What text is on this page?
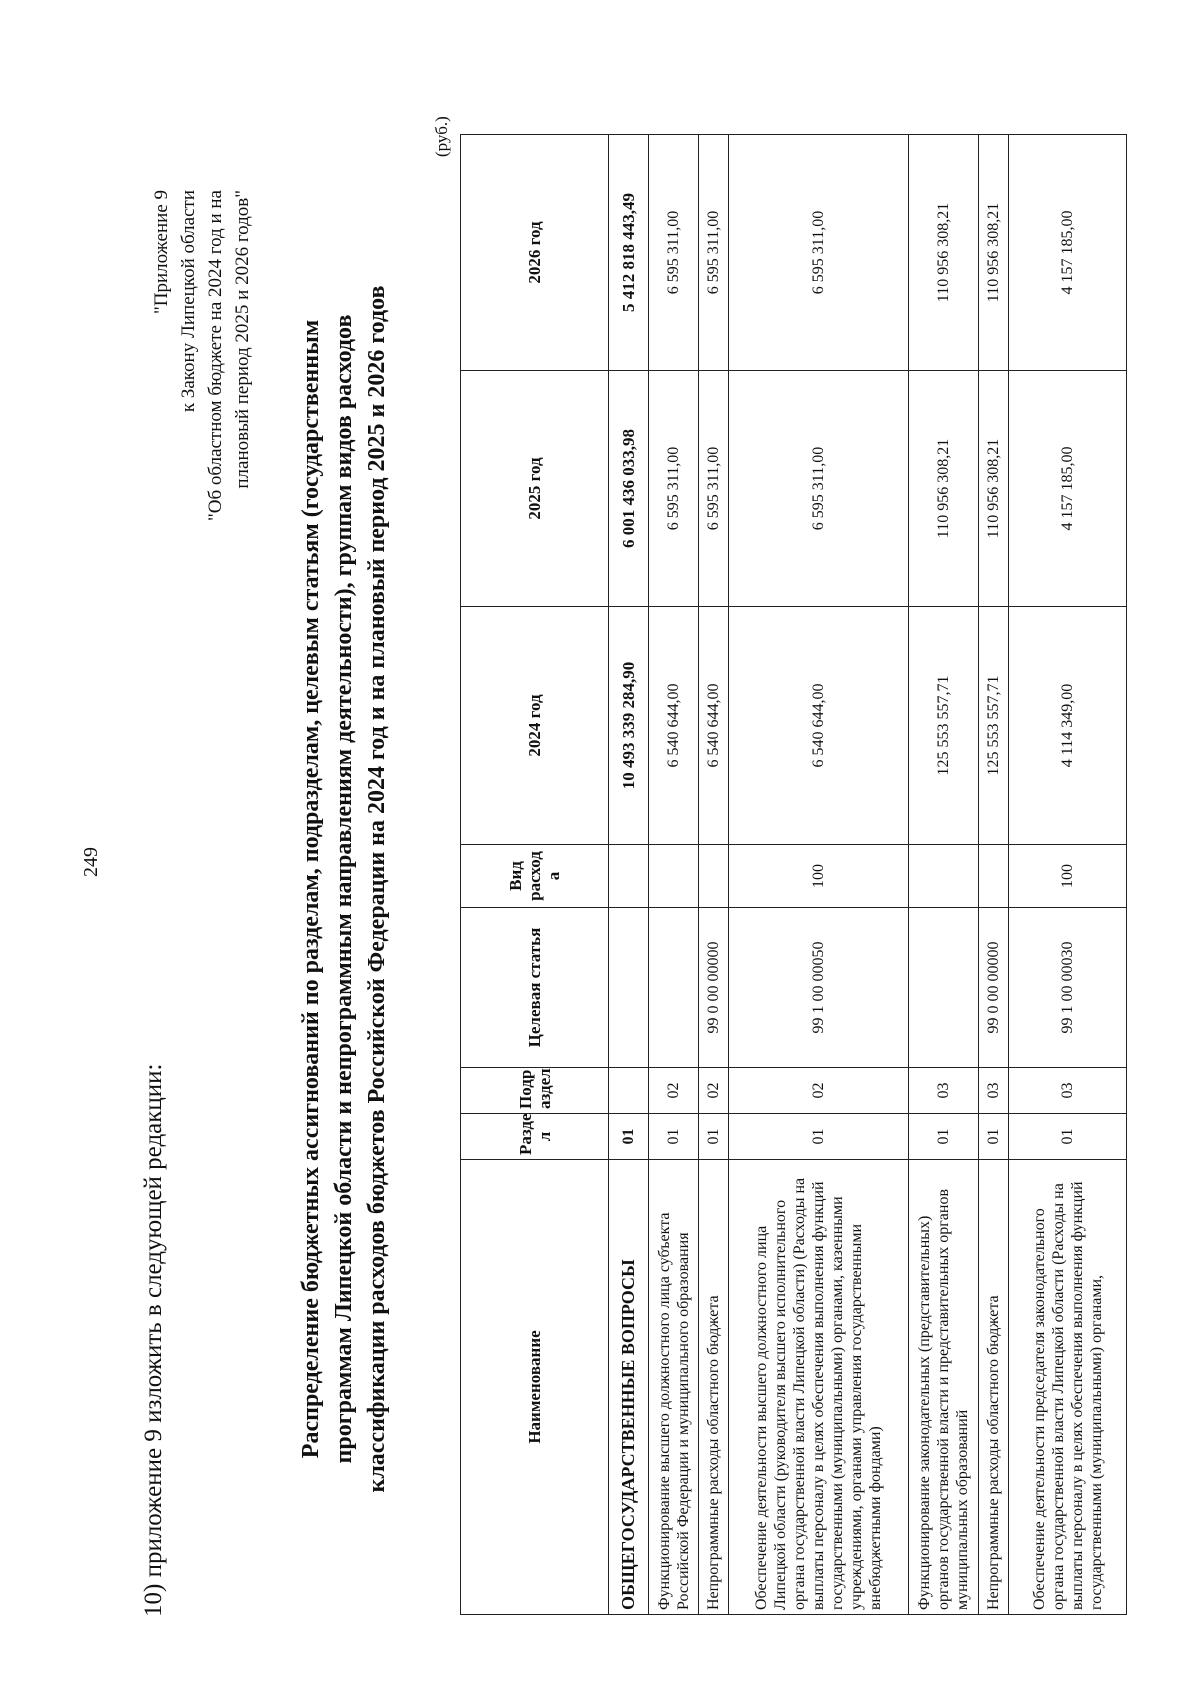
249
10) приложение 9 изложить в следующей редакции:
"Приложение 9 к Закону Липецкой области "Об областном бюджете на 2024 год и на плановый период 2025 и 2026 годов" Распределение бюджетных ассигнований по разделам, подразделам, целевым статьям (государственным программам Липецкой области и непрограммным направлениям деятельности), группам видов расходов классификации расходов бюджетов Российской Федерации на 2024 год и на плановый период 2025 и 2026 годов
(руб.)
Наименование	Разде л	Подр аздел	Целевая статья	Вид расход а	2024 год	2025 год	2026 год
ОБЩЕГОСУДАРСТВЕННЫЕ ВОПРОСЫ	01				10 493 339 284,90	6 001 436 033,98	5 412 818 443,49
Функционирование высшего должностного лица субъекта Российской Федерации и муниципального образования	01	02			6 540 644,00	6 595 311,00	6 595 311,00
Непрограммные расходы областного бюджета	01	02	99 0 00 00000		6 540 644,00	6 595 311,00	6 595 311,00
Обеспечение деятельности высшего должностного лица Липецкой области (руководителя высшего исполнительного органа государственной власти Липецкой области) (Расходы на выплаты персоналу в целях обеспечения выполнения функций государственными (муниципальными) органами, казенными учреждениями, органами управления государственными внебюджетными фондами)	01	02	99 1 00 00050	100	6 540 644,00	6 595 311,00	6 595 311,00
Функционирование законодательных (представительных) органов государственной власти и представительных органов муниципальных образований	01	03			125 553 557,71	110 956 308,21	110 956 308,21
Непрограммные расходы областного бюджета	01	03	99 0 00 00000		125 553 557,71	110 956 308,21	110 956 308,21
Обеспечение деятельности председателя законодательного органа государственной власти Липецкой области (Расходы на выплаты персоналу в целях обеспечения выполнения функций государственными (муниципальными) органами,	01	03	99 1 00 00030	100	4 114 349,00	4 157 185,00	4 157 185,00
